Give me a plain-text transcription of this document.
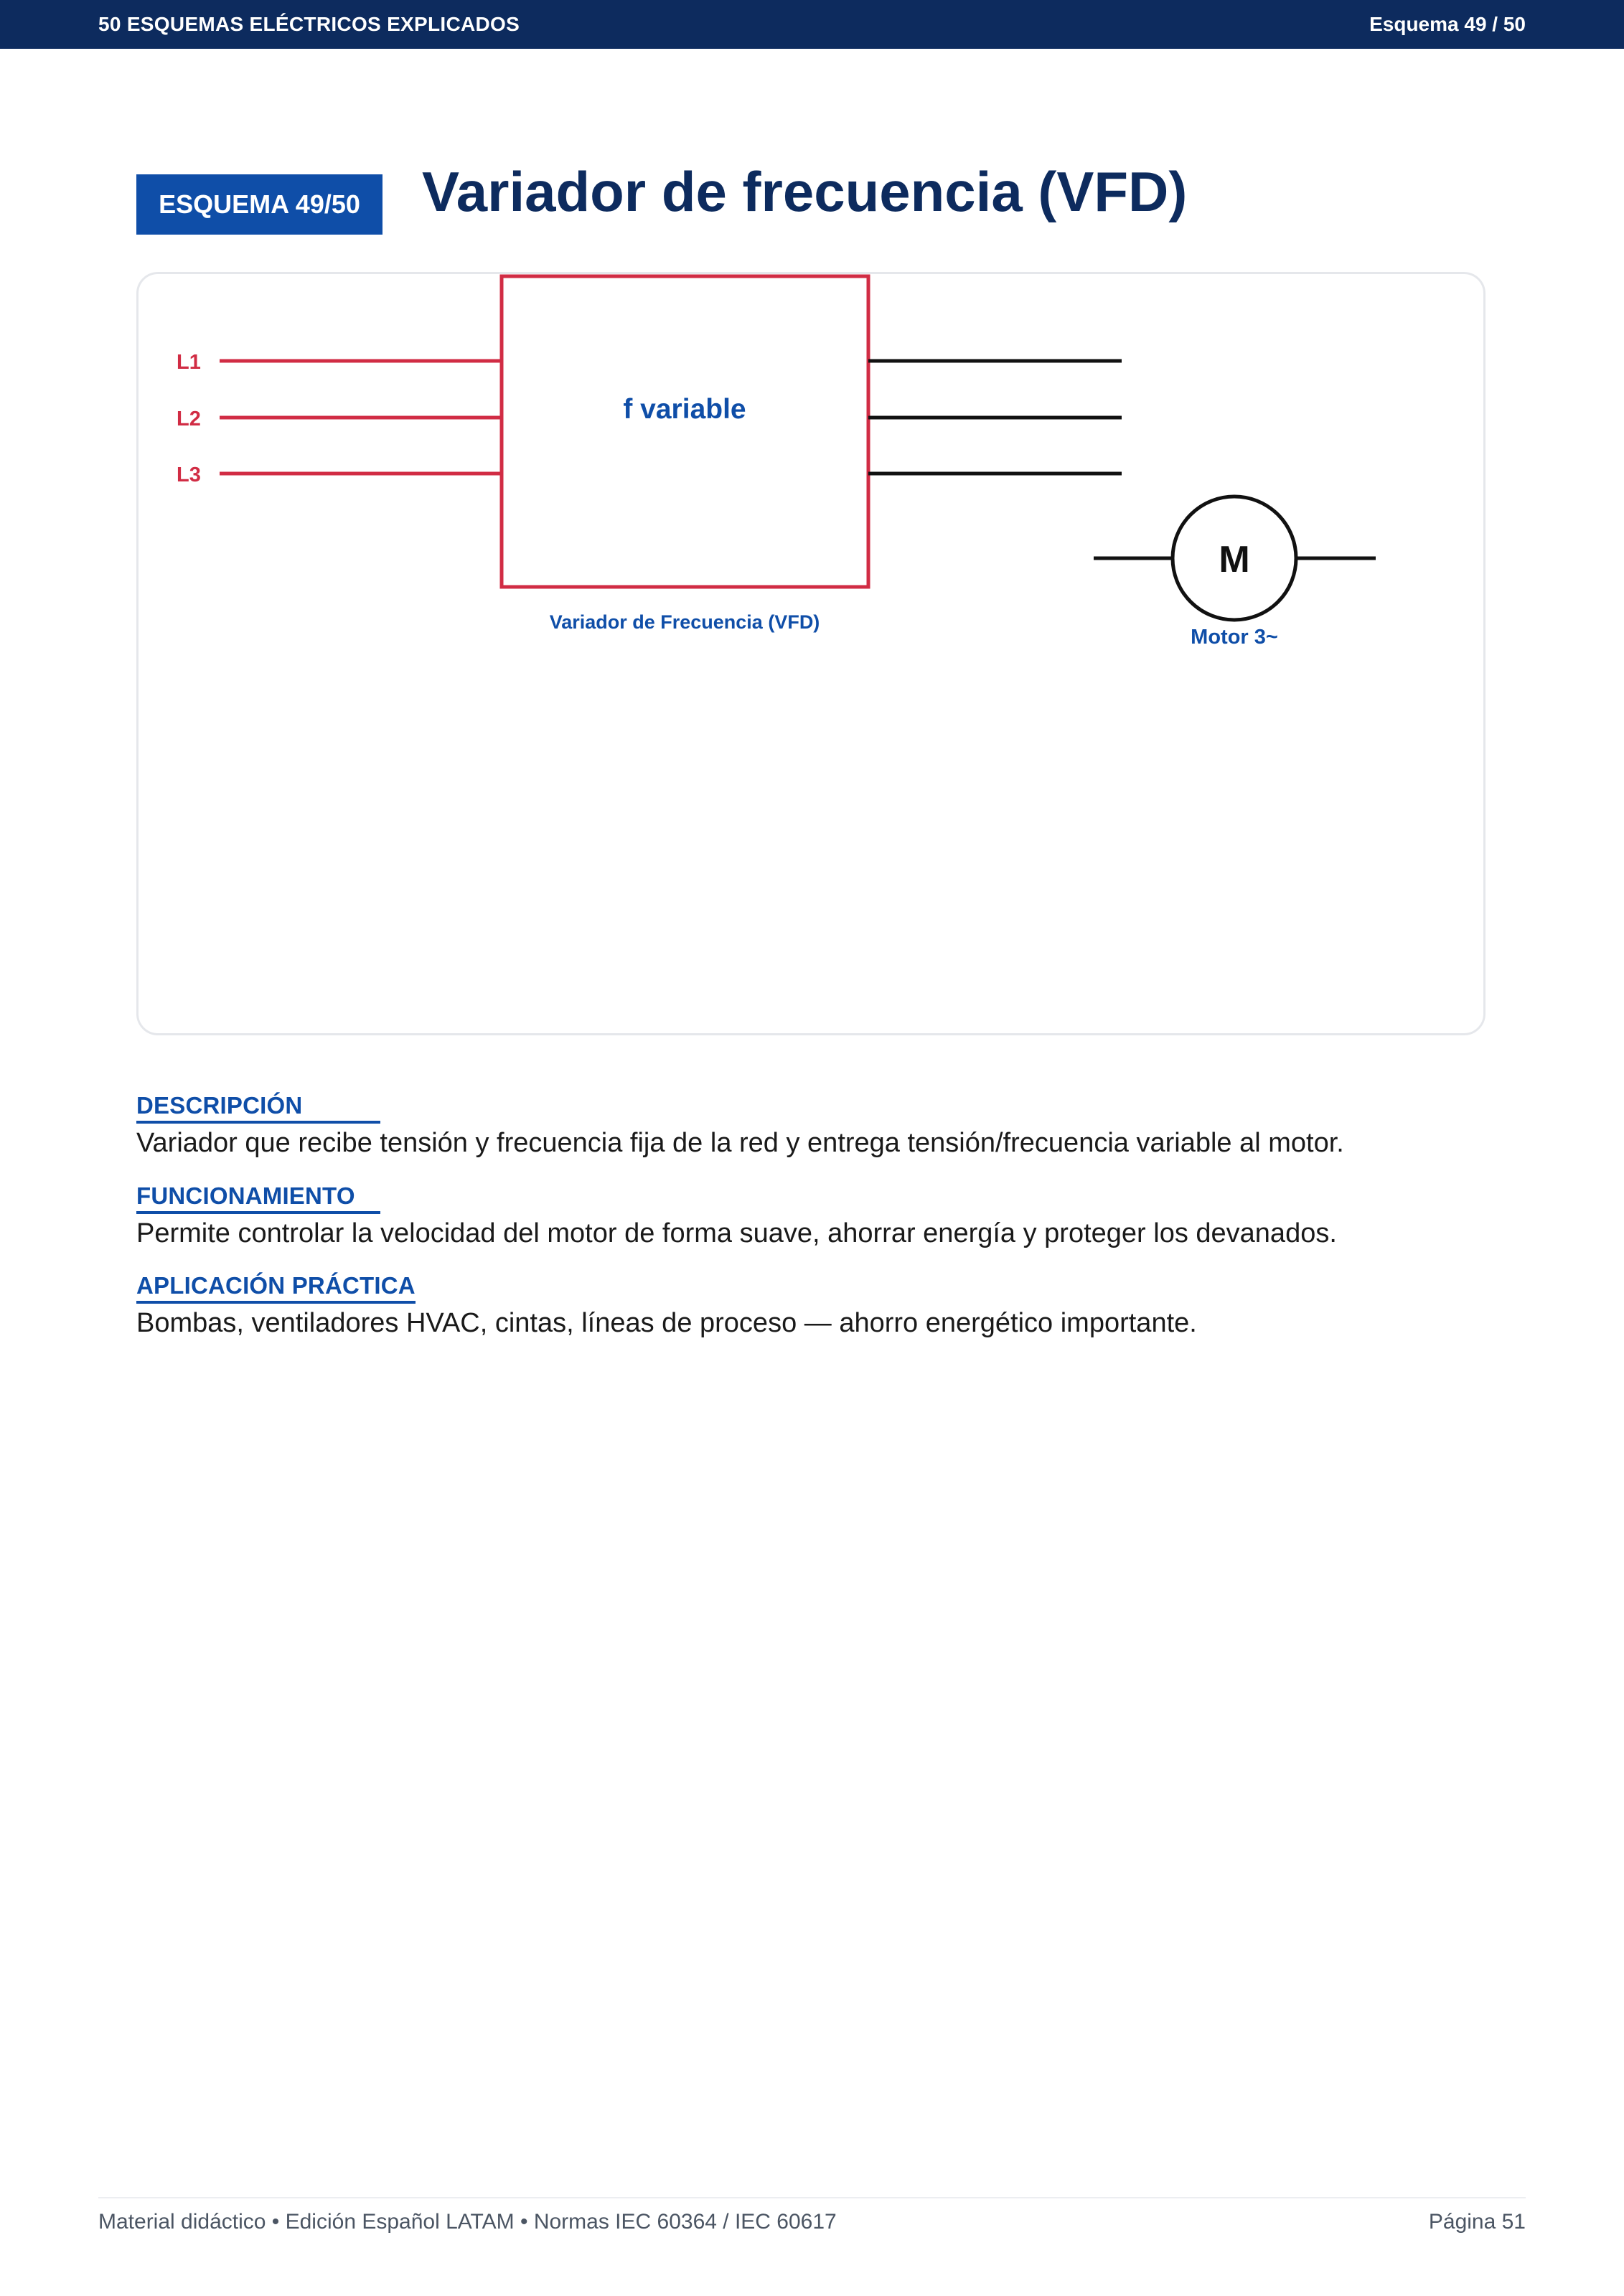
50 ESQUEMAS ELÉCTRICOS EXPLICADOS	Esquema 49 / 50
ESQUEMA 49/50	Variador de frecuencia (VFD)
L1
L2
L3
f variable
Variador de Frecuencia (VFD)
M
Motor 3~
DESCRIPCIÓN
Variador que recibe tensión y frecuencia fija de la red y entrega tensión/frecuencia variable al motor.
FUNCIONAMIENTO
Permite controlar la velocidad del motor de forma suave, ahorrar energía y proteger los devanados.
APLICACIÓN PRÁCTICA
Bombas, ventiladores HVAC, cintas, líneas de proceso — ahorro energético importante.
Material didáctico • Edición Español LATAM • Normas IEC 60364 / IEC 60617	Página 51
